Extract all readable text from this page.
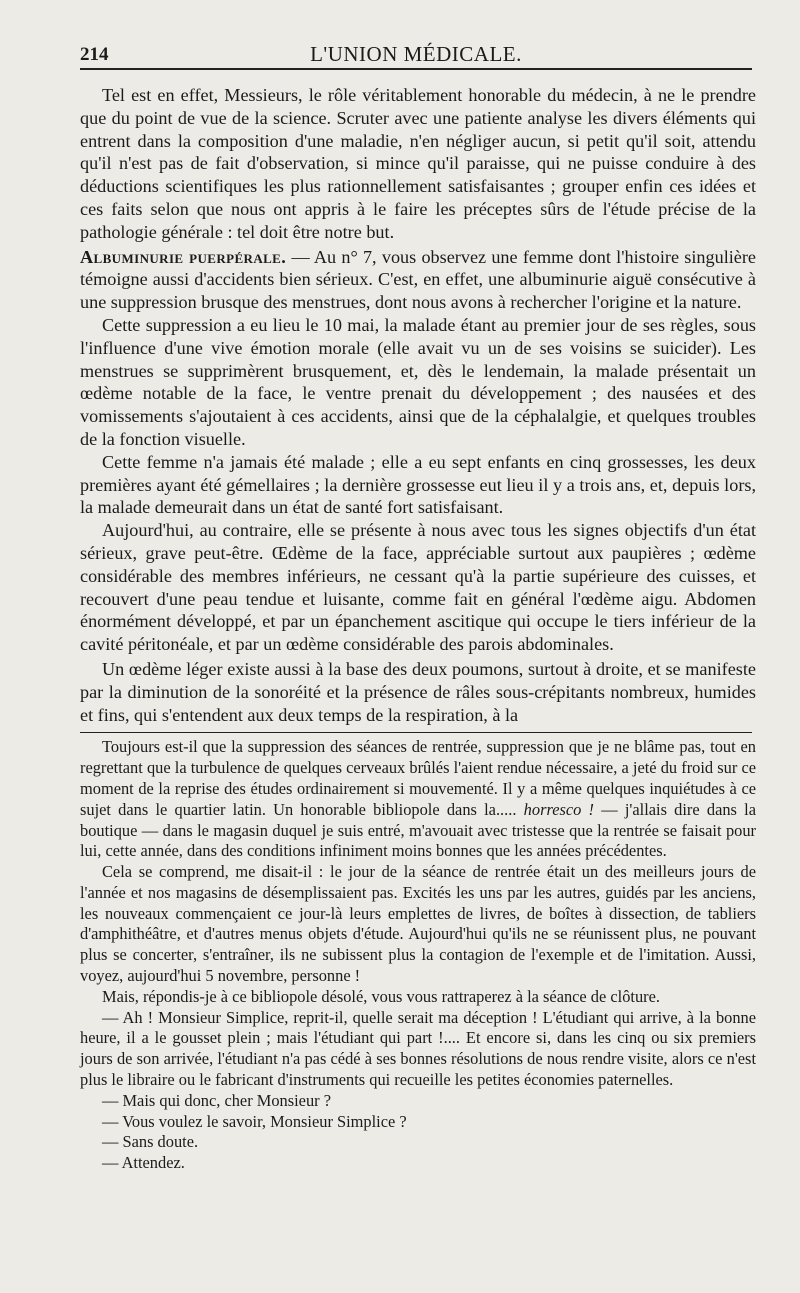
214	L'UNION MÉDICALE.

Tel est en effet, Messieurs, le rôle véritablement honorable du médecin, à ne le prendre que du point de vue de la science. Scruter avec une patiente analyse les divers éléments qui entrent dans la composition d'une maladie, n'en négliger aucun, si petit qu'il soit, attendu qu'il n'est pas de fait d'observation, si mince qu'il paraisse, qui ne puisse conduire à des déductions scientifiques les plus rationnellement satisfaisantes ; grouper enfin ces idées et ces faits selon que nous ont appris à le faire les préceptes sûrs de l'étude précise de la pathologie générale : tel doit être notre but.

Albuminurie puerpérale. — Au n° 7, vous observez une femme dont l'histoire singulière témoigne aussi d'accidents bien sérieux. C'est, en effet, une albuminurie aiguë consécutive à une suppression brusque des menstrues, dont nous avons à rechercher l'origine et la nature.

Cette suppression a eu lieu le 10 mai, la malade étant au premier jour de ses règles, sous l'influence d'une vive émotion morale (elle avait vu un de ses voisins se suicider). Les menstrues se supprimèrent brusquement, et, dès le lendemain, la malade présentait un œdème notable de la face, le ventre prenait du développement ; des nausées et des vomissements s'ajoutaient à ces accidents, ainsi que de la céphalalgie, et quelques troubles de la fonction visuelle.

Cette femme n'a jamais été malade ; elle a eu sept enfants en cinq grossesses, les deux premières ayant été gémellaires ; la dernière grossesse eut lieu il y a trois ans, et, depuis lors, la malade demeurait dans un état de santé fort satisfaisant.

Aujourd'hui, au contraire, elle se présente à nous avec tous les signes objectifs d'un état sérieux, grave peut-être. Œdème de la face, appréciable surtout aux paupières ; œdème considérable des membres inférieurs, ne cessant qu'à la partie supérieure des cuisses, et recouvert d'une peau tendue et luisante, comme fait en général l'œdème aigu. Abdomen énormément développé, et par un épanchement ascitique qui occupe le tiers inférieur de la cavité péritonéale, et par un œdème considérable des parois abdominales.

Un œdème léger existe aussi à la base des deux poumons, surtout à droite, et se manifeste par la diminution de la sonoréité et la présence de râles sous-crépitants nombreux, humides et fins, qui s'entendent aux deux temps de la respiration, à la

Toujours est-il que la suppression des séances de rentrée, suppression que je ne blâme pas, tout en regrettant que la turbulence de quelques cerveaux brûlés l'aient rendue nécessaire, a jeté du froid sur ce moment de la reprise des études ordinairement si mouvementé. Il y a même quelques inquiétudes à ce sujet dans le quartier latin. Un honorable bibliopole dans la..... horresco ! — j'allais dire dans la boutique — dans le magasin duquel je suis entré, m'avouait avec tristesse que la rentrée se faisait pour lui, cette année, dans des conditions infiniment moins bonnes que les années précédentes.

Cela se comprend, me disait-il : le jour de la séance de rentrée était un des meilleurs jours de l'année et nos magasins de désemplissaient pas. Excités les uns par les autres, guidés par les anciens, les nouveaux commençaient ce jour-là leurs emplettes de livres, de boîtes à dissection, de tabliers d'amphithéâtre, et d'autres menus objets d'étude. Aujourd'hui qu'ils ne se réunissent plus, ne pouvant plus se concerter, s'entraîner, ils ne subissent plus la contagion de l'exemple et de l'imitation. Aussi, voyez, aujourd'hui 5 novembre, personne !

Mais, répondis-je à ce bibliopole désolé, vous vous rattraperez à la séance de clôture.

— Ah ! Monsieur Simplice, reprit-il, quelle serait ma déception ! L'étudiant qui arrive, à la bonne heure, il a le gousset plein ; mais l'étudiant qui part !.... Et encore si, dans les cinq ou six premiers jours de son arrivée, l'étudiant n'a pas cédé à ses bonnes résolutions de nous rendre visite, alors ce n'est plus le libraire ou le fabricant d'instruments qui recueille les petites économies paternelles.

— Mais qui donc, cher Monsieur ?

— Vous voulez le savoir, Monsieur Simplice ?

— Sans doute.

— Attendez.
